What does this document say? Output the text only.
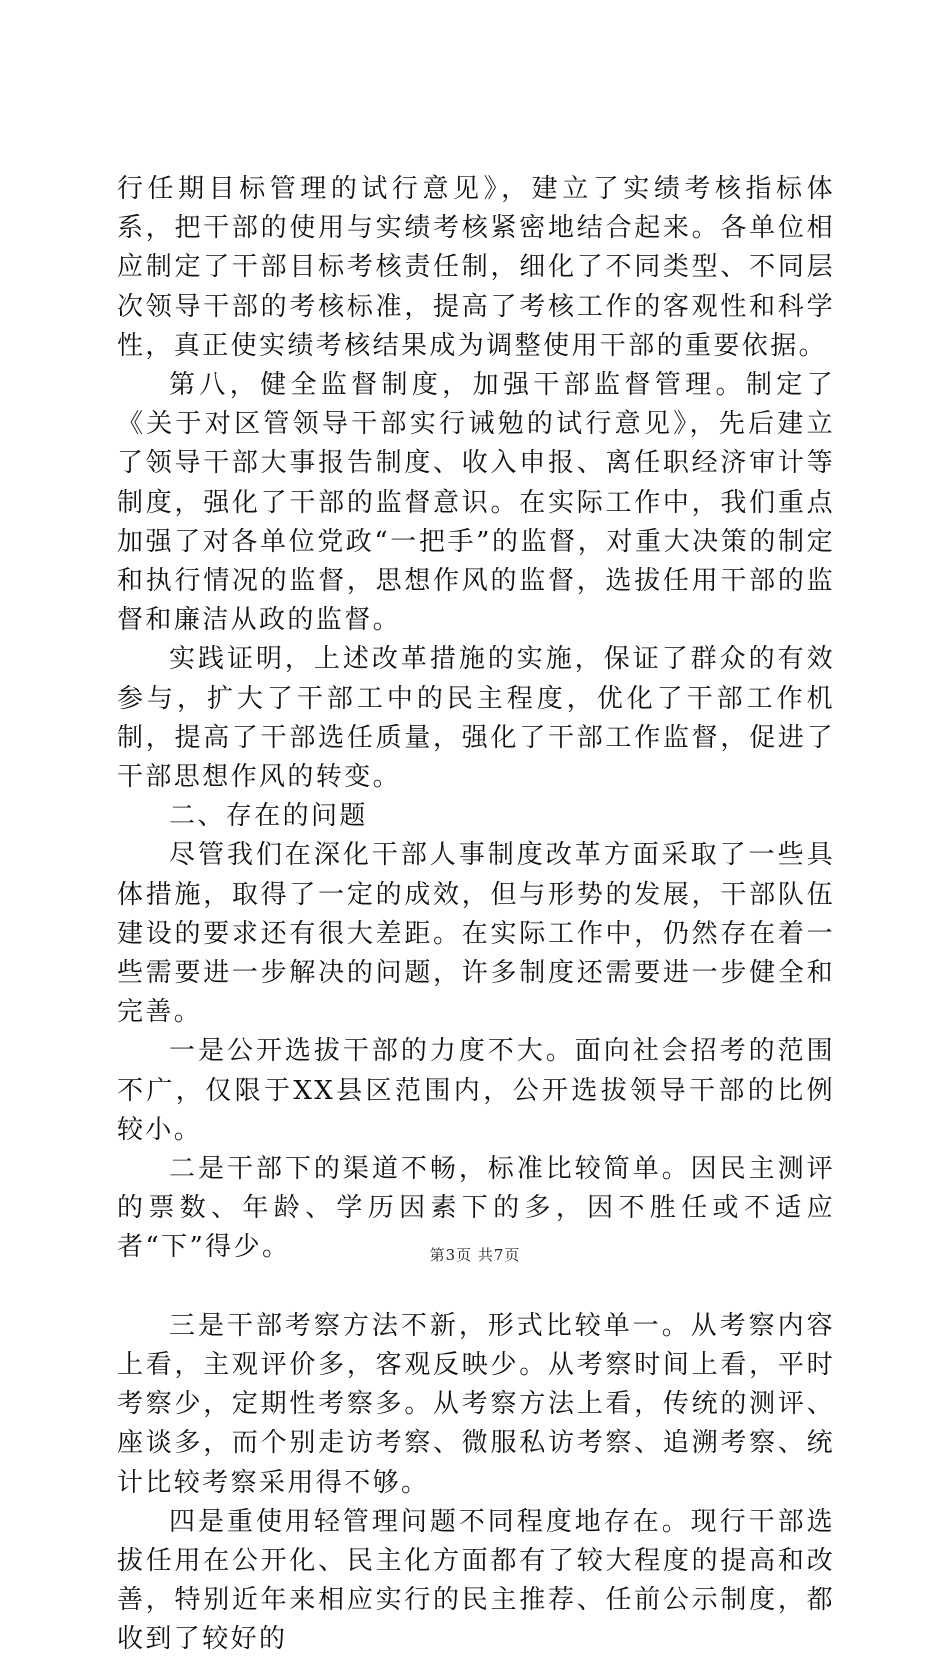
行任期目标管理的试行意见》，建立了实绩考核指标体系，把干部的使用与实绩考核紧密地结合起来。各单位相应制定了干部目标考核责任制，细化了不同类型、不同层次领导干部的考核标准，提高了考核工作的客观性和科学性，真正使实绩考核结果成为调整使用干部的重要依据。

第八，健全监督制度，加强干部监督管理。制定了《关于对区管领导干部实行诫勉的试行意见》，先后建立了领导干部大事报告制度、收入申报、离任职经济审计等制度，强化了干部的监督意识。在实际工作中，我们重点加强了对各单位党政“一把手”的监督，对重大决策的制定和执行情况的监督，思想作风的监督，选拔任用干部的监督和廉洁从政的监督。

实践证明，上述改革措施的实施，保证了群众的有效参与，扩大了干部工中的民主程度，优化了干部工作机制，提高了干部选任质量，强化了干部工作监督，促进了干部思想作风的转变。

二、存在的问题

尽管我们在深化干部人事制度改革方面采取了一些具体措施，取得了一定的成效，但与形势的发展，干部队伍建设的要求还有很大差距。在实际工作中，仍然存在着一些需要进一步解决的问题，许多制度还需要进一步健全和完善。

一是公开选拔干部的力度不大。面向社会招考的范围不广，仅限于XX县区范围内，公开选拔领导干部的比例较小。

二是干部下的渠道不畅，标准比较简单。因民主测评的票数、年龄、学历因素下的多，因不胜任或不适应者“下”得少。

三是干部考察方法不新，形式比较单一。从考察内容上看，主观评价多，客观反映少。从考察时间上看，平时考察少，定期性考察多。从考察方法上看，传统的测评、座谈多，而个别走访考察、微服私访考察、追溯考察、统计比较考察采用得不够。

四是重使用轻管理问题不同程度地存在。现行干部选拔任用在公开化、民主化方面都有了较大程度的提高和改善，特别近年来相应实行的民主推荐、任前公示制度，都收到了较好的

第3页 共7页
